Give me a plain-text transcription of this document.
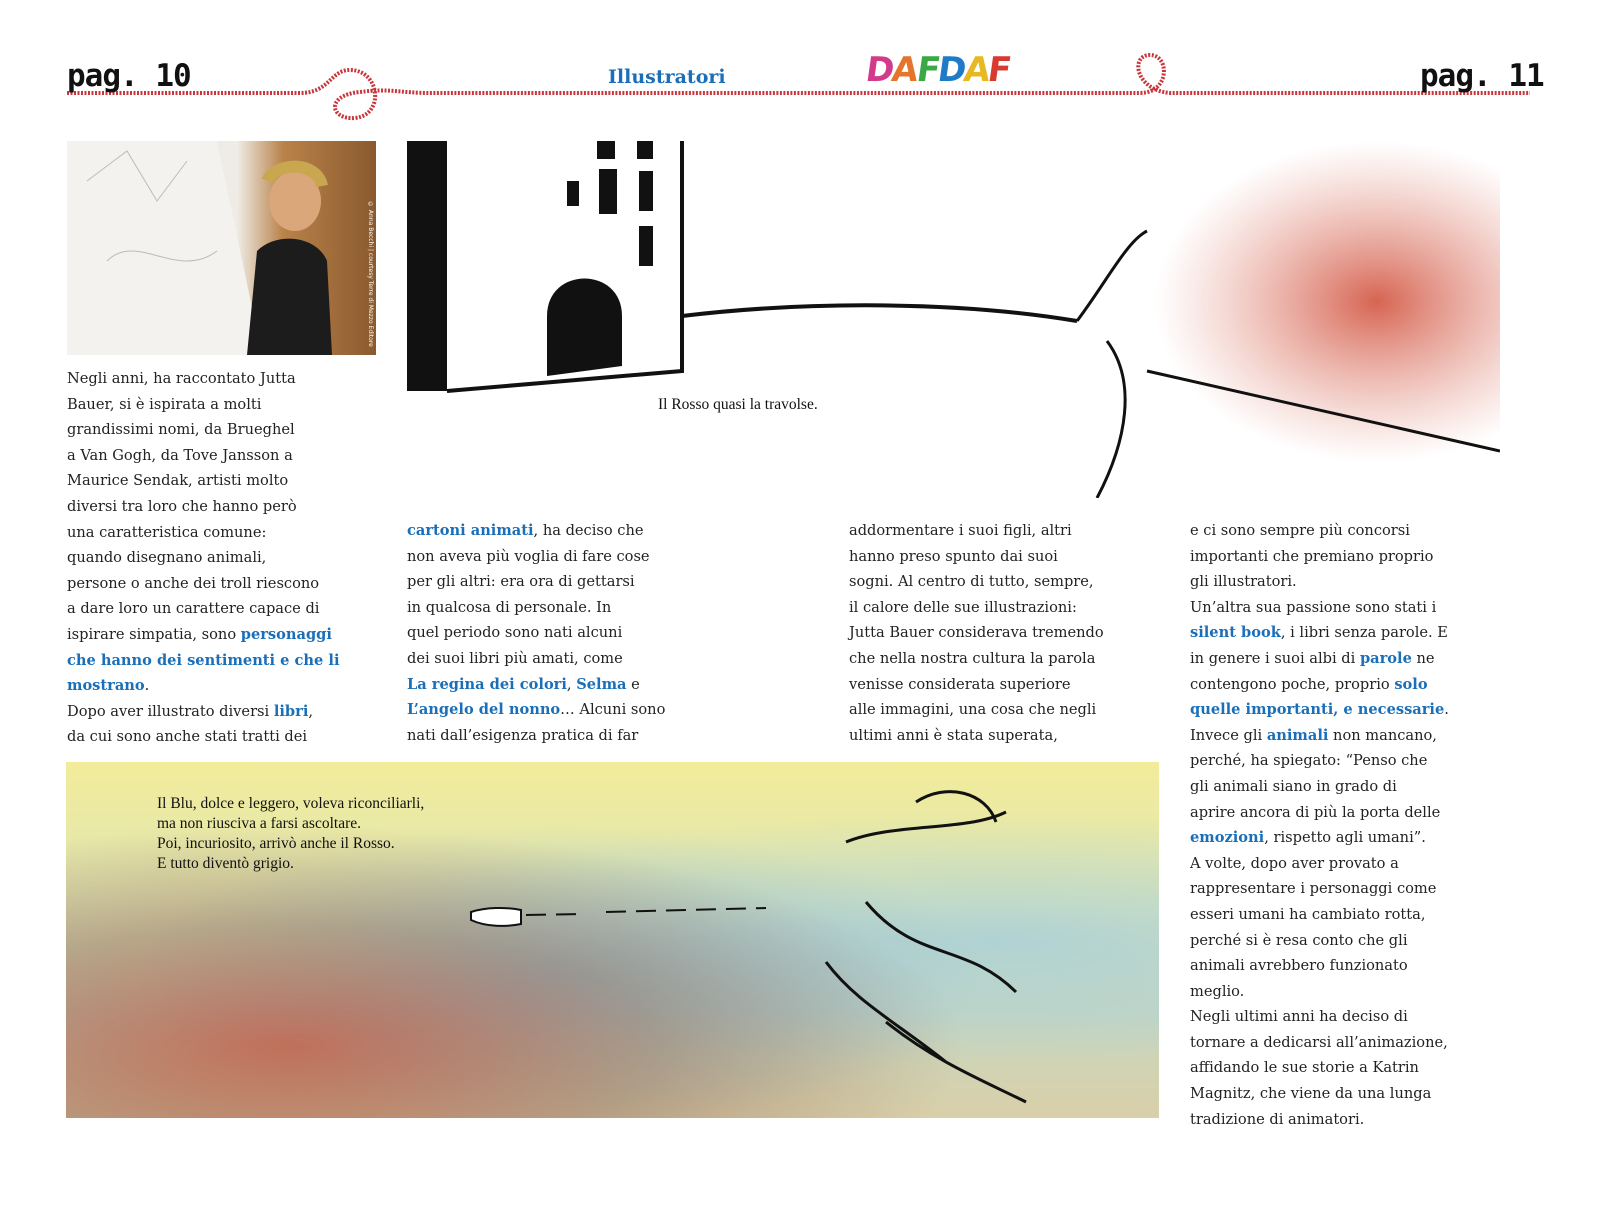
pag. 10	pag. 11
Illustratori	DAFDAF
© Anna Becchi | courtesy Terre di Mezzo Editore
Il Rosso quasi la travolse.
Il Blu, dolce e leggero, voleva riconciliarli,
ma non riusciva a farsi ascoltare.
Poi, incuriosito, arrivò anche il Rosso.
E tutto diventò grigio.
Negli anni, ha raccontato Jutta
Bauer, si è ispirata a molti
grandissimi nomi, da Brueghel
a Van Gogh, da Tove Jansson a
Maurice Sendak, artisti molto
diversi tra loro che hanno però
una caratteristica comune:
quando disegnano animali,
persone o anche dei troll riescono
a dare loro un carattere capace di
ispirare simpatia, sono personaggi
che hanno dei sentimenti e che li
mostrano.
Dopo aver illustrato diversi libri,
da cui sono anche stati tratti dei
cartoni animati, ha deciso che
non aveva più voglia di fare cose
per gli altri: era ora di gettarsi
in qualcosa di personale. In
quel periodo sono nati alcuni
dei suoi libri più amati, come
La regina dei colori, Selma e
L’angelo del nonno… Alcuni sono
nati dall’esigenza pratica di far
addormentare i suoi figli, altri
hanno preso spunto dai suoi
sogni. Al centro di tutto, sempre,
il calore delle sue illustrazioni:
Jutta Bauer considerava tremendo
che nella nostra cultura la parola
venisse considerata superiore
alle immagini, una cosa che negli
ultimi anni è stata superata,
e ci sono sempre più concorsi
importanti che premiano proprio
gli illustratori.
Un’altra sua passione sono stati i
silent book, i libri senza parole. E
in genere i suoi albi di parole ne
contengono poche, proprio solo
quelle importanti, e necessarie.
Invece gli animali non mancano,
perché, ha spiegato: “Penso che
gli animali siano in grado di
aprire ancora di più la porta delle
emozioni, rispetto agli umani”.
A volte, dopo aver provato a
rappresentare i personaggi come
esseri umani ha cambiato rotta,
perché si è resa conto che gli
animali avrebbero funzionato
meglio.
Negli ultimi anni ha deciso di
tornare a dedicarsi all’animazione,
affidando le sue storie a Katrin
Magnitz, che viene da una lunga
tradizione di animatori.
